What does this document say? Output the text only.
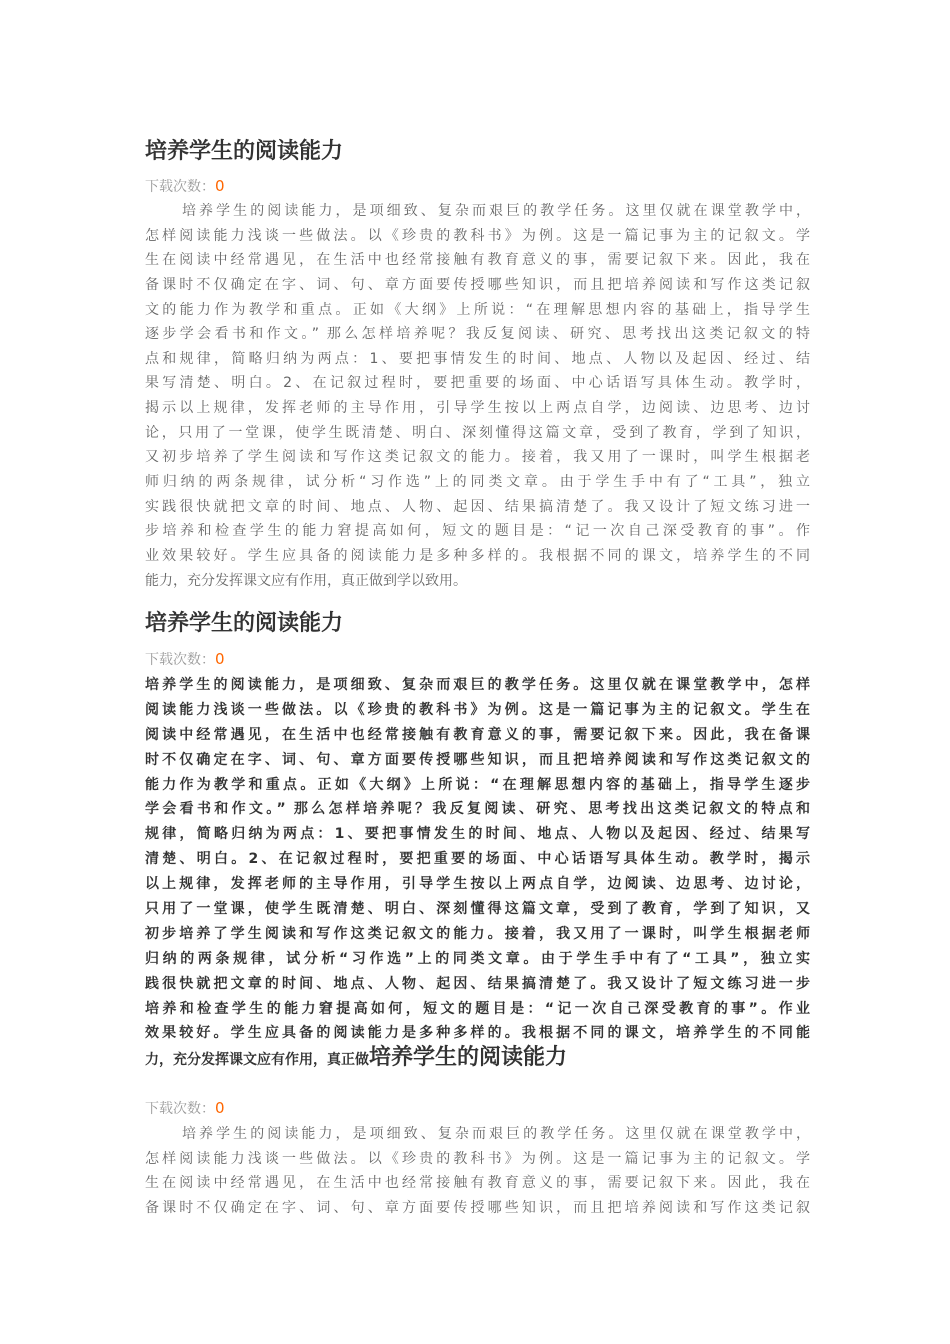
培养学生的阅读能力
下载次数：0
培养学生的阅读能力，是项细致、复杂而艰巨的教学任务。这里仅就在课堂教学中，
怎样阅读能力浅谈一些做法。以《珍贵的教科书》为例。这是一篇记事为主的记叙文。学
生在阅读中经常遇见，在生活中也经常接触有教育意义的事，需要记叙下来。因此，我在
备课时不仅确定在字、词、句、章方面要传授哪些知识，而且把培养阅读和写作这类记叙
文的能力作为教学和重点。正如《大纲》上所说：“在理解思想内容的基础上，指导学生
逐步学会看书和作文。” 那么怎样培养呢？我反复阅读、研究、思考找出这类记叙文的特
点和规律，简略归纳为两点：1、要把事情发生的时间、地点、人物以及起因、经过、结
果写清楚、明白。2、在记叙过程时，要把重要的场面、中心话语写具体生动。教学时，
揭示以上规律，发挥老师的主导作用，引导学生按以上两点自学，边阅读、边思考、边讨
论，只用了一堂课，使学生既清楚、明白、深刻懂得这篇文章，受到了教育，学到了知识，
又初步培养了学生阅读和写作这类记叙文的能力。接着，我又用了一课时，叫学生根据老
师归纳的两条规律，试分析“习作选”上的同类文章。由于学生手中有了“工具”，独立
实践很快就把文章的时间、地点、人物、起因、结果搞清楚了。我又设计了短文练习进一
步培养和检查学生的能力窘提高如何，短文的题目是：“记一次自己深受教育的事”。作
业效果较好。学生应具备的阅读能力是多种多样的。我根据不同的课文，培养学生的不同
能力，充分发挥课文应有作用，真正做到学以致用。
培养学生的阅读能力
下载次数：0
培养学生的阅读能力，是项细致、复杂而艰巨的教学任务。这里仅就在课堂教学中，怎样
阅读能力浅谈一些做法。以《珍贵的教科书》为例。这是一篇记事为主的记叙文。学生在
阅读中经常遇见，在生活中也经常接触有教育意义的事，需要记叙下来。因此，我在备课
时不仅确定在字、词、句、章方面要传授哪些知识，而且把培养阅读和写作这类记叙文的
能力作为教学和重点。正如《大纲》上所说：“在理解思想内容的基础上，指导学生逐步
学会看书和作文。” 那么怎样培养呢？我反复阅读、研究、思考找出这类记叙文的特点和
规律，简略归纳为两点：1、要把事情发生的时间、地点、人物以及起因、经过、结果写
清楚、明白。2、在记叙过程时，要把重要的场面、中心话语写具体生动。教学时，揭示
以上规律，发挥老师的主导作用，引导学生按以上两点自学，边阅读、边思考、边讨论，
只用了一堂课，使学生既清楚、明白、深刻懂得这篇文章，受到了教育，学到了知识，又
初步培养了学生阅读和写作这类记叙文的能力。接着，我又用了一课时，叫学生根据老师
归纳的两条规律，试分析“习作选”上的同类文章。由于学生手中有了“工具”，独立实
践很快就把文章的时间、地点、人物、起因、结果搞清楚了。我又设计了短文练习进一步
培养和检查学生的能力窘提高如何，短文的题目是：“记一次自己深受教育的事”。作业
效果较好。学生应具备的阅读能力是多种多样的。我根据不同的课文，培养学生的不同能
力，充分发挥课文应有作用，真正做培养学生的阅读能力
下载次数：0
培养学生的阅读能力，是项细致、复杂而艰巨的教学任务。这里仅就在课堂教学中，
怎样阅读能力浅谈一些做法。以《珍贵的教科书》为例。这是一篇记事为主的记叙文。学
生在阅读中经常遇见，在生活中也经常接触有教育意义的事，需要记叙下来。因此，我在
备课时不仅确定在字、词、句、章方面要传授哪些知识，而且把培养阅读和写作这类记叙
